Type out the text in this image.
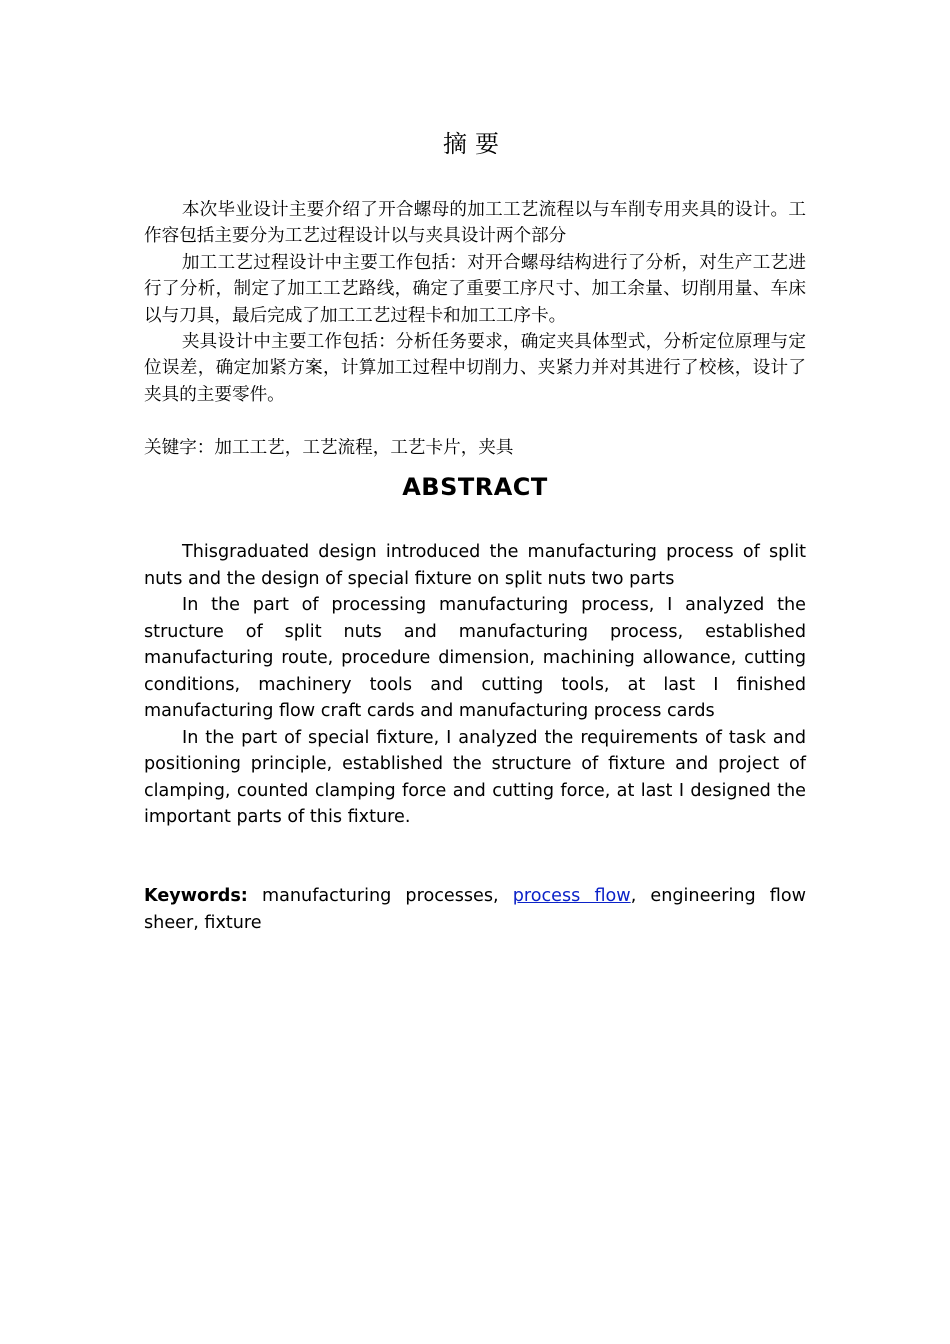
摘要

本次毕业设计主要介绍了开合螺母的加工工艺流程以与车削专用夹具的设计。工作容包括主要分为工艺过程设计以与夹具设计两个部分

加工工艺过程设计中主要工作包括：对开合螺母结构进行了分析，对生产工艺进行了分析，制定了加工工艺路线，确定了重要工序尺寸、加工余量、切削用量、车床以与刀具，最后完成了加工工艺过程卡和加工工序卡。

夹具设计中主要工作包括：分析任务要求，确定夹具体型式，分析定位原理与定位误差，确定加紧方案，计算加工过程中切削力、夹紧力并对其进行了校核，设计了夹具的主要零件。

关键字：加工工艺，工艺流程，工艺卡片，夹具
ABSTRACT

Thisgraduated design introduced the manufacturing process of split nuts and the design of special fixture on split nuts two parts

In the part of processing manufacturing process, I analyzed the structure of split nuts and manufacturing process, established manufacturing route, procedure dimension, machining allowance, cutting conditions, machinery tools and cutting tools, at last I finished manufacturing flow craft cards and manufacturing process cards

In the part of special fixture, I analyzed the requirements of task and positioning principle, established the structure of fixture and project of clamping, counted clamping force and cutting force, at last I designed the important parts of this fixture.

Keywords: manufacturing processes, process flow, engineering flow sheer, fixture
